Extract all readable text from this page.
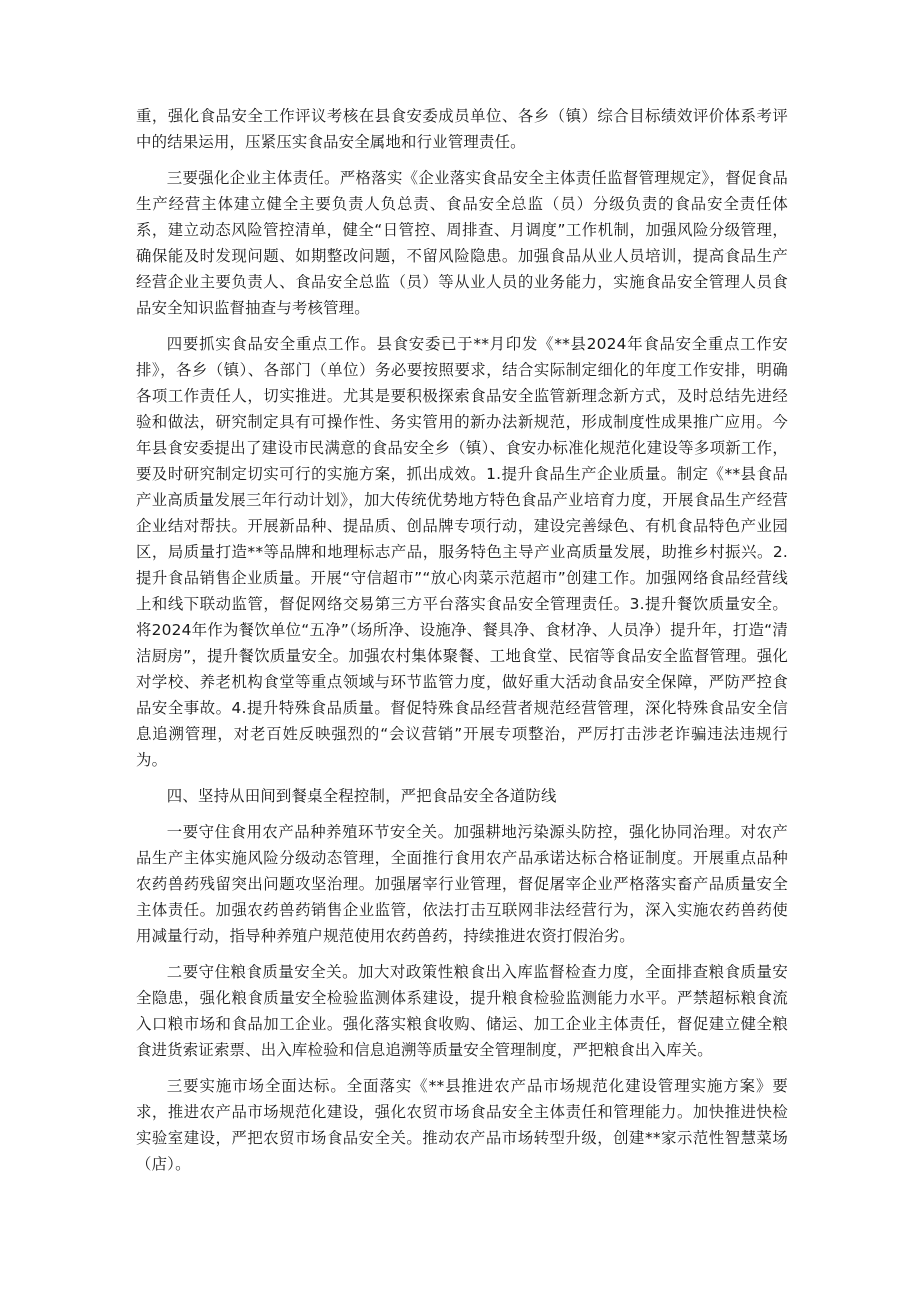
重，强化食品安全工作评议考核在县食安委成员单位、各乡（镇）综合目标绩效评价体系考评中的结果运用，压紧压实食品安全属地和行业管理责任。

三要强化企业主体责任。严格落实《企业落实食品安全主体责任监督管理规定》，督促食品生产经营主体建立健全主要负责人负总责、食品安全总监（员）分级负责的食品安全责任体系，建立动态风险管控清单，健全“日管控、周排查、月调度”工作机制，加强风险分级管理，确保能及时发现问题、如期整改问题，不留风险隐患。加强食品从业人员培训，提高食品生产经营企业主要负责人、食品安全总监（员）等从业人员的业务能力，实施食品安全管理人员食品安全知识监督抽查与考核管理。

四要抓实食品安全重点工作。县食安委已于**月印发《**县2024年食品安全重点工作安排》，各乡（镇）、各部门（单位）务必要按照要求，结合实际制定细化的年度工作安排，明确各项工作责任人，切实推进。尤其是要积极探索食品安全监管新理念新方式，及时总结先进经验和做法，研究制定具有可操作性、务实管用的新办法新规范，形成制度性成果推广应用。今年县食安委提出了建设市民满意的食品安全乡（镇）、食安办标准化规范化建设等多项新工作，要及时研究制定切实可行的实施方案，抓出成效。1.提升食品生产企业质量。制定《**县食品产业高质量发展三年行动计划》，加大传统优势地方特色食品产业培育力度，开展食品生产经营企业结对帮扶。开展新品种、提品质、创品牌专项行动，建设完善绿色、有机食品特色产业园区，局质量打造**等品牌和地理标志产品，服务特色主导产业高质量发展，助推乡村振兴。2.提升食品销售企业质量。开展“守信超市”“放心肉菜示范超市”创建工作。加强网络食品经营线上和线下联动监管，督促网络交易第三方平台落实食品安全管理责任。3.提升餐饮质量安全。将2024年作为餐饮单位“五净”（场所净、设施净、餐具净、食材净、人员净）提升年，打造“清洁厨房”，提升餐饮质量安全。加强农村集体聚餐、工地食堂、民宿等食品安全监督管理。强化对学校、养老机构食堂等重点领域与环节监管力度，做好重大活动食品安全保障，严防严控食品安全事故。4.提升特殊食品质量。督促特殊食品经营者规范经营管理，深化特殊食品安全信息追溯管理，对老百姓反映强烈的“会议营销”开展专项整治，严厉打击涉老诈骗违法违规行为。

四、坚持从田间到餐桌全程控制，严把食品安全各道防线

一要守住食用农产品种养殖环节安全关。加强耕地污染源头防控，强化协同治理。对农产品生产主体实施风险分级动态管理，全面推行食用农产品承诺达标合格证制度。开展重点品种农药兽药残留突出问题攻坚治理。加强屠宰行业管理，督促屠宰企业严格落实畜产品质量安全主体责任。加强农药兽药销售企业监管，依法打击互联网非法经营行为，深入实施农药兽药使用减量行动，指导种养殖户规范使用农药兽药，持续推进农资打假治劣。

二要守住粮食质量安全关。加大对政策性粮食出入库监督检查力度，全面排查粮食质量安全隐患，强化粮食质量安全检验监测体系建设，提升粮食检验监测能力水平。严禁超标粮食流入口粮市场和食品加工企业。强化落实粮食收购、储运、加工企业主体责任，督促建立健全粮食进货索证索票、出入库检验和信息追溯等质量安全管理制度，严把粮食出入库关。

三要实施市场全面达标。全面落实《**县推进农产品市场规范化建设管理实施方案》要求，推进农产品市场规范化建设，强化农贸市场食品安全主体责任和管理能力。加快推进快检实验室建设，严把农贸市场食品安全关。推动农产品市场转型升级，创建**家示范性智慧菜场（店）。
